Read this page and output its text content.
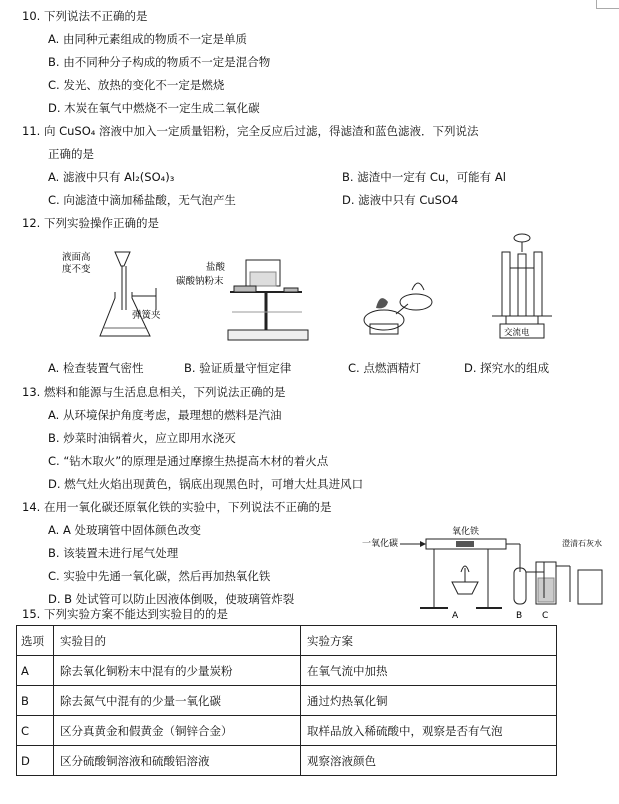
10. 下列说法不正确的是
A. 由同种元素组成的物质不一定是单质
B. 由不同种分子构成的物质不一定是混合物
C. 发光、放热的变化不一定是燃烧
D. 木炭在氧气中燃烧不一定生成二氧化碳
11. 向 CuSO₄ 溶液中加入一定质量铝粉，完全反应后过滤，得滤渣和蓝色滤液．下列说法
正确的是
A. 滤液中只有 Al₂(SO₄)₃	B. 滤渣中一定有 Cu，可能有 Al
C. 向滤渣中滴加稀盐酸，无气泡产生	D. 滤液中只有 CuSO4
12. 下列实验操作正确的是
液面高
度不变
弹簧夹
盐酸
碳酸钠粉末
交流电
A. 检查装置气密性	B. 验证质量守恒定律	C. 点燃酒精灯	D. 探究水的组成
13. 燃料和能源与生活息息相关，下列说法正确的是
A. 从环境保护角度考虑，最理想的燃料是汽油
B. 炒菜时油锅着火，应立即用水浇灭
C. “钻木取火”的原理是通过摩擦生热提高木材的着火点
D. 燃气灶火焰出现黄色，锅底出现黑色时，可增大灶具进风口
14. 在用一氧化碳还原氧化铁的实验中，下列说法不正确的是
A. A 处玻璃管中固体颜色改变
B. 该装置未进行尾气处理
C. 实验中先通一氧化碳，然后再加热氧化铁
D. B 处试管可以防止因液体倒吸，使玻璃管炸裂
一氧化碳
氧化铁
澄清石灰水
A	B C
15. 下列实验方案不能达到实验目的的是
选项	实验目的	实验方案
A	除去氧化铜粉末中混有的少量炭粉	在氧气流中加热
B	除去氮气中混有的少量一氧化碳	通过灼热氧化铜
C	区分真黄金和假黄金（铜锌合金）	取样品放入稀硫酸中，观察是否有气泡
D	区分硫酸铜溶液和硫酸铝溶液	观察溶液颜色
